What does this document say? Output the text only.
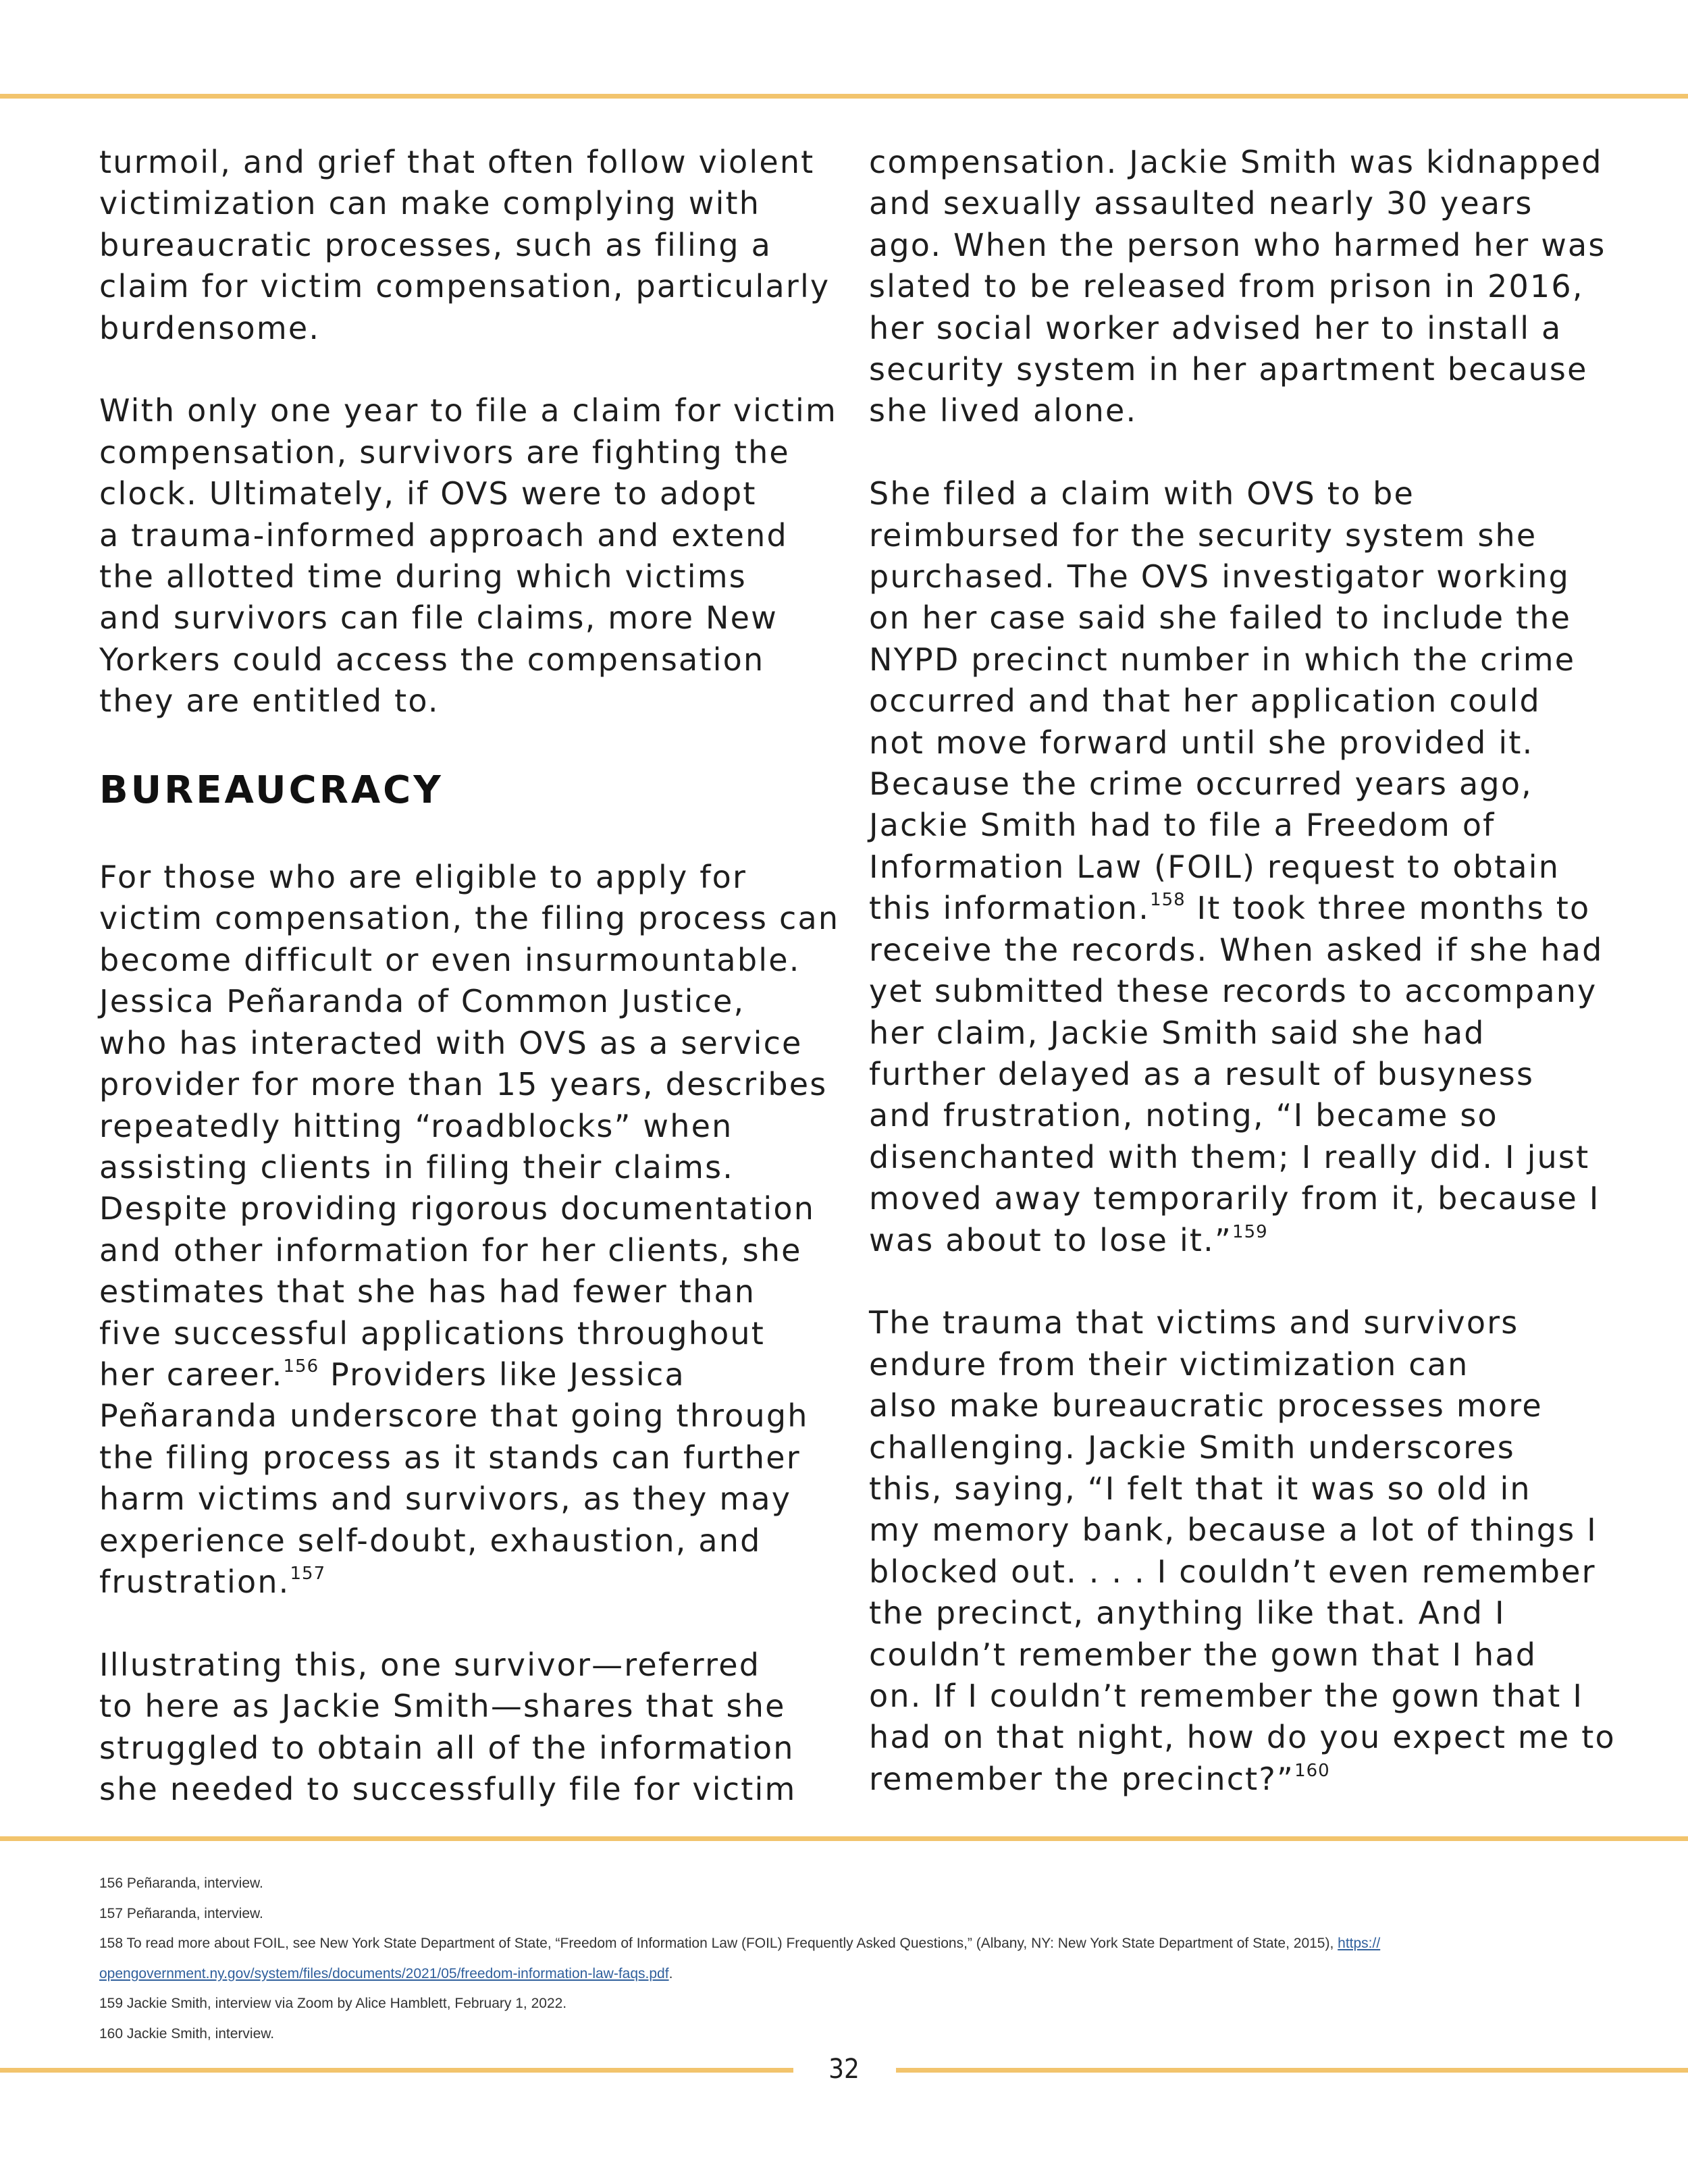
turmoil, and grief that often follow violent
victimization can make complying with
bureaucratic processes, such as filing a
claim for victim compensation, particularly
burdensome.

With only one year to file a claim for victim
compensation, survivors are fighting the
clock. Ultimately, if OVS were to adopt
a trauma-informed approach and extend
the allotted time during which victims
and survivors can file claims, more New
Yorkers could access the compensation
they are entitled to.

BUREAUCRACY

For those who are eligible to apply for
victim compensation, the filing process can
become difficult or even insurmountable.
Jessica Peñaranda of Common Justice,
who has interacted with OVS as a service
provider for more than 15 years, describes
repeatedly hitting “roadblocks” when
assisting clients in filing their claims.
Despite providing rigorous documentation
and other information for her clients, she
estimates that she has had fewer than
five successful applications throughout
her career.$^{156}$ Providers like Jessica
Peñaranda underscore that going through
the filing process as it stands can further
harm victims and survivors, as they may
experience self-doubt, exhaustion, and
frustration.$^{157}$

Illustrating this, one survivor—referred
to here as Jackie Smith—shares that she
struggled to obtain all of the information
she needed to successfully file for victim

compensation. Jackie Smith was kidnapped
and sexually assaulted nearly 30 years
ago. When the person who harmed her was
slated to be released from prison in 2016,
her social worker advised her to install a
security system in her apartment because
she lived alone.

She filed a claim with OVS to be
reimbursed for the security system she
purchased. The OVS investigator working
on her case said she failed to include the
NYPD precinct number in which the crime
occurred and that her application could
not move forward until she provided it.
Because the crime occurred years ago,
Jackie Smith had to file a Freedom of
Information Law (FOIL) request to obtain
this information.$^{158}$ It took three months to
receive the records. When asked if she had
yet submitted these records to accompany
her claim, Jackie Smith said she had
further delayed as a result of busyness
and frustration, noting, “I became so
disenchanted with them; I really did. I just
moved away temporarily from it, because I
was about to lose it.”$^{159}$

The trauma that victims and survivors
endure from their victimization can
also make bureaucratic processes more
challenging. Jackie Smith underscores
this, saying, “I felt that it was so old in
my memory bank, because a lot of things I
blocked out. . . . I couldn’t even remember
the precinct, anything like that. And I
couldn’t remember the gown that I had
on. If I couldn’t remember the gown that I
had on that night, how do you expect me to
remember the precinct?”$^{160}$

156 Peñaranda, interview.

157 Peñaranda, interview.

158 To read more about FOIL, see New York State Department of State, “Freedom of Information Law (FOIL) Frequently Asked Questions,” (Albany, NY: New York State Department of State, 2015), https://

opengovernment.ny.gov/system/files/documents/2021/05/freedom-information-law-faqs.pdf.

159 Jackie Smith, interview via Zoom by Alice Hamblett, February 1, 2022.

160 Jackie Smith, interview.

32
